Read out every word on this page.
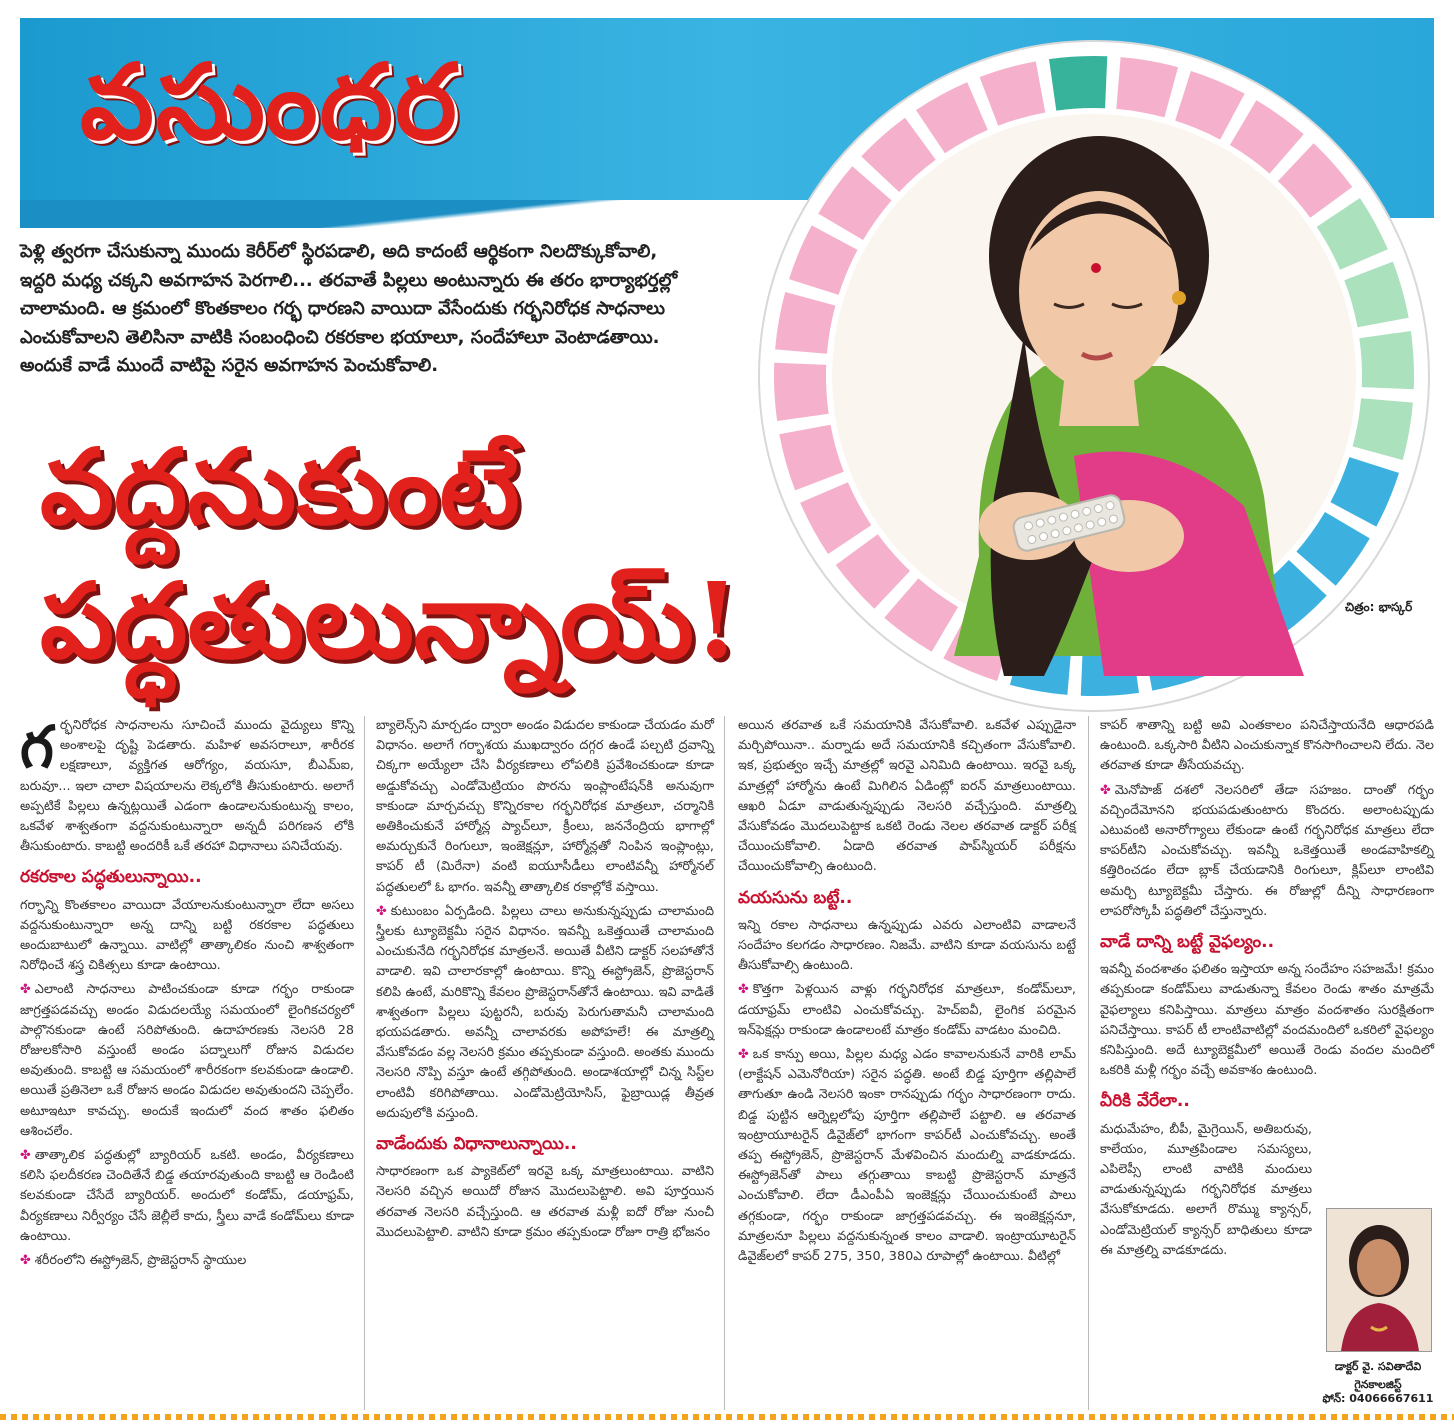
వసుంధర
చిత్రం: భాస్కర్

పెళ్లి త్వరగా చేసుకున్నా ముందు కెరీర్‌లో స్థిరపడాలి, అది కాదంటే ఆర్థికంగా నిలదొక్కుకోవాలి,

ఇద్దరి మధ్య చక్కని అవగాహన పెరగాలి... తరవాతే పిల్లలు అంటున్నారు ఈ తరం భార్యాభర్తల్లో

చాలామంది. ఆ క్రమంలో కొంతకాలం గర్భ ధారణని వాయిదా వేసేందుకు గర్భనిరోధక సాధనాలు

ఎంచుకోవాలని తెలిసినా వాటికి సంబంధించి రకరకాల భయాలూ, సందేహాలూ వెంటాడతాయి.

అందుకే వాడే ముందే వాటిపై సరైన అవగాహన పెంచుకోవాలి.

వద్దనుకుంటే
పద్ధతులున్నాయ్!
గ ర్భనిరోధక సాధనాలను సూచించే ముందు వైద్యులు కొన్ని అంశాలపై దృష్టి పెడతారు. మహిళ అవసరాలూ, శారీరక లక్షణాలూ, వ్యక్తిగత ఆరోగ్యం, వయసూ, బీఎమ్ఐ, బరువూ... ఇలా చాలా విషయాలను లెక్కలోకి తీసుకుంటారు. అలాగే అప్పటికే పిల్లలు ఉన్నట్లయితే ఎడంగా ఉండాలనుకుంటున్న కాలం, ఒకవేళ శాశ్వతంగా వద్దనుకుంటున్నారా అన్నదీ పరిగణన లోకి తీసుకుంటారు. కాబట్టి అందరికీ ఒకే తరహా విధానాలు పనిచేయవు.

రకరకాల పద్ధతులున్నాయి..

గర్భాన్ని కొంతకాలం వాయిదా వేయాలనుకుంటున్నారా లేదా అసలు వద్దనుకుంటున్నారా అన్న దాన్ని బట్టి రకరకాల పద్ధతులు అందుబాటులో ఉన్నాయి. వాటిల్లో తాత్కాలికం నుంచి శాశ్వతంగా నిరోధించే శస్త్ర చికిత్సలు కూడా ఉంటాయి.

✤ ఎలాంటి సాధనాలు పాటించకుండా కూడా గర్భం రాకుండా జాగ్రత్తపడవచ్చు అండం విడుదలయ్యే సమయంలో లైంగికచర్యలో పాల్గొనకుండా ఉంటే సరిపోతుంది. ఉదాహరణకు నెలసరి 28 రోజులకోసారి వస్తుంటే అండం పద్నాలుగో రోజున విడుదల అవుతుంది. కాబట్టి ఆ సమయంలో శారీరకంగా కలవకుండా ఉండాలి. అయితే ప్రతినెలా ఒకే రోజున అండం విడుదల అవుతుందని చెప్పలేం. అటూఇటూ కావచ్చు. అందుకే ఇందులో వంద శాతం ఫలితం ఆశించలేం.

✤ తాత్కాలిక పద్ధతుల్లో బ్యారియర్ ఒకటి. అండం, వీర్యకణాలు కలిసి ఫలదీకరణ చెందితేనే బిడ్డ తయారవుతుంది కాబట్టి ఆ రెండింటి కలవకుండా చేసేదే బ్యారియర్. అందులో కండోమ్, డయాఫ్రమ్, వీర్యకణాలు నిర్వీర్యం చేసే జెల్లీలే కాదు, స్త్రీలు వాడే కండోమ్‌లు కూడా ఉంటాయి.

✤ శరీరంలోని ఈస్ట్రోజెన్, ప్రొజెస్టరాన్ స్థాయుల

బ్యాలెన్స్‌ని మార్చడం ద్వారా అండం విడుదల కాకుండా చేయడం మరో విధానం. అలాగే గర్భాశయ ముఖద్వారం దగ్గర ఉండే పల్చటి ద్రవాన్ని చిక్కగా అయ్యేలా చేసి వీర్యకణాలు లోపలికి ప్రవేశించకుండా కూడా అడ్డుకోవచ్చు ఎండోమెట్రియం పొరను ఇంప్లాంటేషన్‌కి అనువుగా కాకుండా మార్చవచ్చు కొన్నిరకాల గర్భనిరోధక మాత్రలూ, చర్మానికి అతికించుకునే హార్మోన్ల ప్యాచ్‌లూ, క్రీంలు, జననేంద్రియ భాగాల్లో అమర్చుకునే రింగులూ, ఇంజెక్షన్లూ, హార్మోన్లతో నింపిన ఇంప్లాంట్లు, కాపర్ టీ (మిరేనా) వంటి ఐయూసీడీలు లాంటివన్నీ హార్మోనల్ పద్ధతులలో ఓ భాగం. ఇవన్నీ తాత్కాలిక రకాల్లోకే వస్తాయి.

✤ కుటుంబం ఏర్పడింది. పిల్లలు చాలు అనుకున్నప్పుడు చాలామంది స్త్రీలకు ట్యూబెక్టమీ సరైన విధానం. ఇవన్నీ ఒకెత్తయితే చాలామంది ఎంచుకునేది గర్భనిరోధక మాత్రలనే. అయితే వీటిని డాక్టర్ సలహాతోనే వాడాలి. ఇవి చాలారకాల్లో ఉంటాయి. కొన్ని ఈస్ట్రోజెన్, ప్రొజెస్టరాన్ కలిపి ఉంటే, మరికొన్ని కేవలం ప్రొజెస్టరాన్‌తోనే ఉంటాయి. ఇవి వాడితే శాశ్వతంగా పిల్లలు పుట్టరనీ, బరువు పెరుగుతామనీ చాలామంది భయపడతారు. అవన్నీ చాలావరకు అపోహలే! ఈ మాత్రల్ని వేసుకోవడం వల్ల నెలసరి క్రమం తప్పకుండా వస్తుంది. అంతకు ముందు నెలసరి నొప్పి వస్తూ ఉంటే తగ్గిపోతుంది. అండాశయాల్లో చిన్న సిస్ట్‌ల లాంటివీ కరిగిపోతాయి. ఎండోమెట్రియోసిస్, ఫైబ్రాయిడ్ల తీవ్రత అదుపులోకి వస్తుంది.

వాడేందుకు విధానాలున్నాయి..

సాధారణంగా ఒక ప్యాకెట్‌లో ఇరవై ఒక్క మాత్రలుంటాయి. వాటిని నెలసరి వచ్చిన అయిదో రోజున మొదలుపెట్టాలి. అవి పూర్తయిన తరవాత నెలసరి వచ్చేస్తుంది. ఆ తరవాత మళ్లీ ఐదో రోజు నుంచీ మొదలుపెట్టాలి. వాటిని కూడా క్రమం తప్పకుండా రోజూ రాత్రి భోజనం

అయిన తరవాత ఒకే సమయానికి వేసుకోవాలి. ఒకవేళ ఎప్పుడైనా మర్చిపోయినా.. మర్నాడు అదే సమయానికి కచ్చితంగా వేసుకోవాలి. ఇక, ప్రభుత్వం ఇచ్చే మాత్రల్లో ఇరవై ఎనిమిది ఉంటాయి. ఇరవై ఒక్క మాత్రల్లో హార్మోను ఉంటే మిగిలిన ఏడింట్లో ఐరన్ మాత్రలుంటాయి. ఆఖరి ఏడూ వాడుతున్నప్పుడు నెలసరి వచ్చేస్తుంది. మాత్రల్ని వేసుకోవడం మొదలుపెట్టాక ఒకటి రెండు నెలల తరవాత డాక్టర్ పరీక్ష చేయించుకోవాలి. ఏడాది తరవాత పాప్‌స్మియర్ పరీక్షను చేయించుకోవాల్సి ఉంటుంది.

వయసును బట్టే..

ఇన్ని రకాల సాధనాలు ఉన్నప్పుడు ఎవరు ఎలాంటివి వాడాలనే సందేహం కలగడం సాధారణం. నిజమే. వాటిని కూడా వయసును బట్టే తీసుకోవాల్సి ఉంటుంది.

✤ కొత్తగా పెళ్లయిన వాళ్లు గర్భనిరోధక మాత్రలూ, కండోమ్‌లూ, డయాఫ్రమ్ లాంటివి ఎంచుకోవచ్చు. హెచ్ఐవీ, లైంగిక పరమైన ఇన్‌ఫెక్షన్లు రాకుండా ఉండాలంటే మాత్రం కండోమ్ వాడటం మంచిది.

✤ ఒక కాన్పు అయి, పిల్లల మధ్య ఎడం కావాలనుకునే వారికి లామ్ (లాక్టేషన్ ఎమెనోరియా) సరైన పద్ధతి. అంటే బిడ్డ పూర్తిగా తల్లిపాలే తాగుతూ ఉండి నెలసరి ఇంకా రానప్పుడు గర్భం సాధారణంగా రాదు. బిడ్డ పుట్టిన ఆర్నెల్లలోపు పూర్తిగా తల్లిపాలే పట్టాలి. ఆ తరవాత ఇంట్రాయూటరైన్ డివైజ్‌లో భాగంగా కాపర్‌టీ ఎంచుకోవచ్చు. అంతే తప్ప ఈస్ట్రోజెన్, ప్రొజెస్టరాన్ మేళవించిన మందుల్ని వాడకూడదు. ఈస్ట్రోజెన్‌తో పాలు తగ్గుతాయి కాబట్టి ప్రొజెస్టరాన్ మాత్రనే ఎంచుకోవాలి. లేదా డీఎంపీఏ ఇంజెక్షన్లు చేయించుకుంటే పాలు తగ్గకుండా, గర్భం రాకుండా జాగ్రత్తపడవచ్చు. ఈ ఇంజెక్షన్లనూ, మాత్రలనూ పిల్లలు వద్దనుకున్నంత కాలం వాడాలి. ఇంట్రాయూటరైన్ డివైజ్‌లలో కాపర్ 275, 350, 380ఎ రూపాల్లో ఉంటాయి. వీటిల్లో

కాపర్ శాతాన్ని బట్టి అవి ఎంతకాలం పనిచేస్తాయనేది ఆధారపడి ఉంటుంది. ఒక్కసారి వీటిని ఎంచుకున్నాక కొనసాగించాలని లేదు. నెల తరవాత కూడా తీసేయవచ్చు.

✤ మెనోపాజ్ దశలో నెలసరిలో తేడా సహజం. దాంతో గర్భం వచ్చిందేమోనని భయపడుతుంటారు కొందరు. అలాంటప్పుడు ఎటువంటి అనారోగ్యాలు లేకుండా ఉంటే గర్భనిరోధక మాత్రలు లేదా కాపర్‌టీని ఎంచుకోవచ్చు. ఇవన్నీ ఒకెత్తయితే అండవాహికల్ని కత్తిరించడం లేదా బ్లాక్ చేయడానికి రింగులూ, క్లిప్‌లూ లాంటివి అమర్చి ట్యూబెక్టమీ చేస్తారు. ఈ రోజుల్లో దీన్ని సాధారణంగా లాపరోస్కోపీ పద్ధతిలో చేస్తున్నారు.

వాడే దాన్ని బట్టే వైఫల్యం..

ఇవన్నీ వందశాతం ఫలితం ఇస్తాయా అన్న సందేహం సహజమే! క్రమం తప్పకుండా కండోమ్‌లు వాడుతున్నా కేవలం రెండు శాతం మాత్రమే వైఫల్యాలు కనిపిస్తాయి. మాత్రలు మాత్రం వందశాతం సురక్షితంగా పనిచేస్తాయి. కాపర్ టీ లాంటివాటిల్లో వందమందిలో ఒకరిలో వైఫల్యం కనిపిస్తుంది. అదే ట్యూబెక్టమీలో అయితే రెండు వందల మందిలో ఒకరికి మళ్లీ గర్భం వచ్చే అవకాశం ఉంటుంది.

వీరికి వేరేలా..

మధుమేహం, బీపీ, మైగ్రెయిన్, అతిబరువు, కాలేయం, మూత్రపిండాల సమస్యలు, ఎపిలెప్సీ లాంటి వాటికి మందులు వాడుతున్నప్పుడు గర్భనిరోధక మాత్రలు వేసుకోకూడదు. అలాగే రొమ్ము క్యాన్సర్, ఎండోమెట్రియల్ క్యాన్సర్ బాధితులు కూడా ఈ మాత్రల్ని వాడకూడదు.

డాక్టర్ వై. సవితాదేవి
గైనకాలజిస్ట్
ఫోన్: 04066667611
